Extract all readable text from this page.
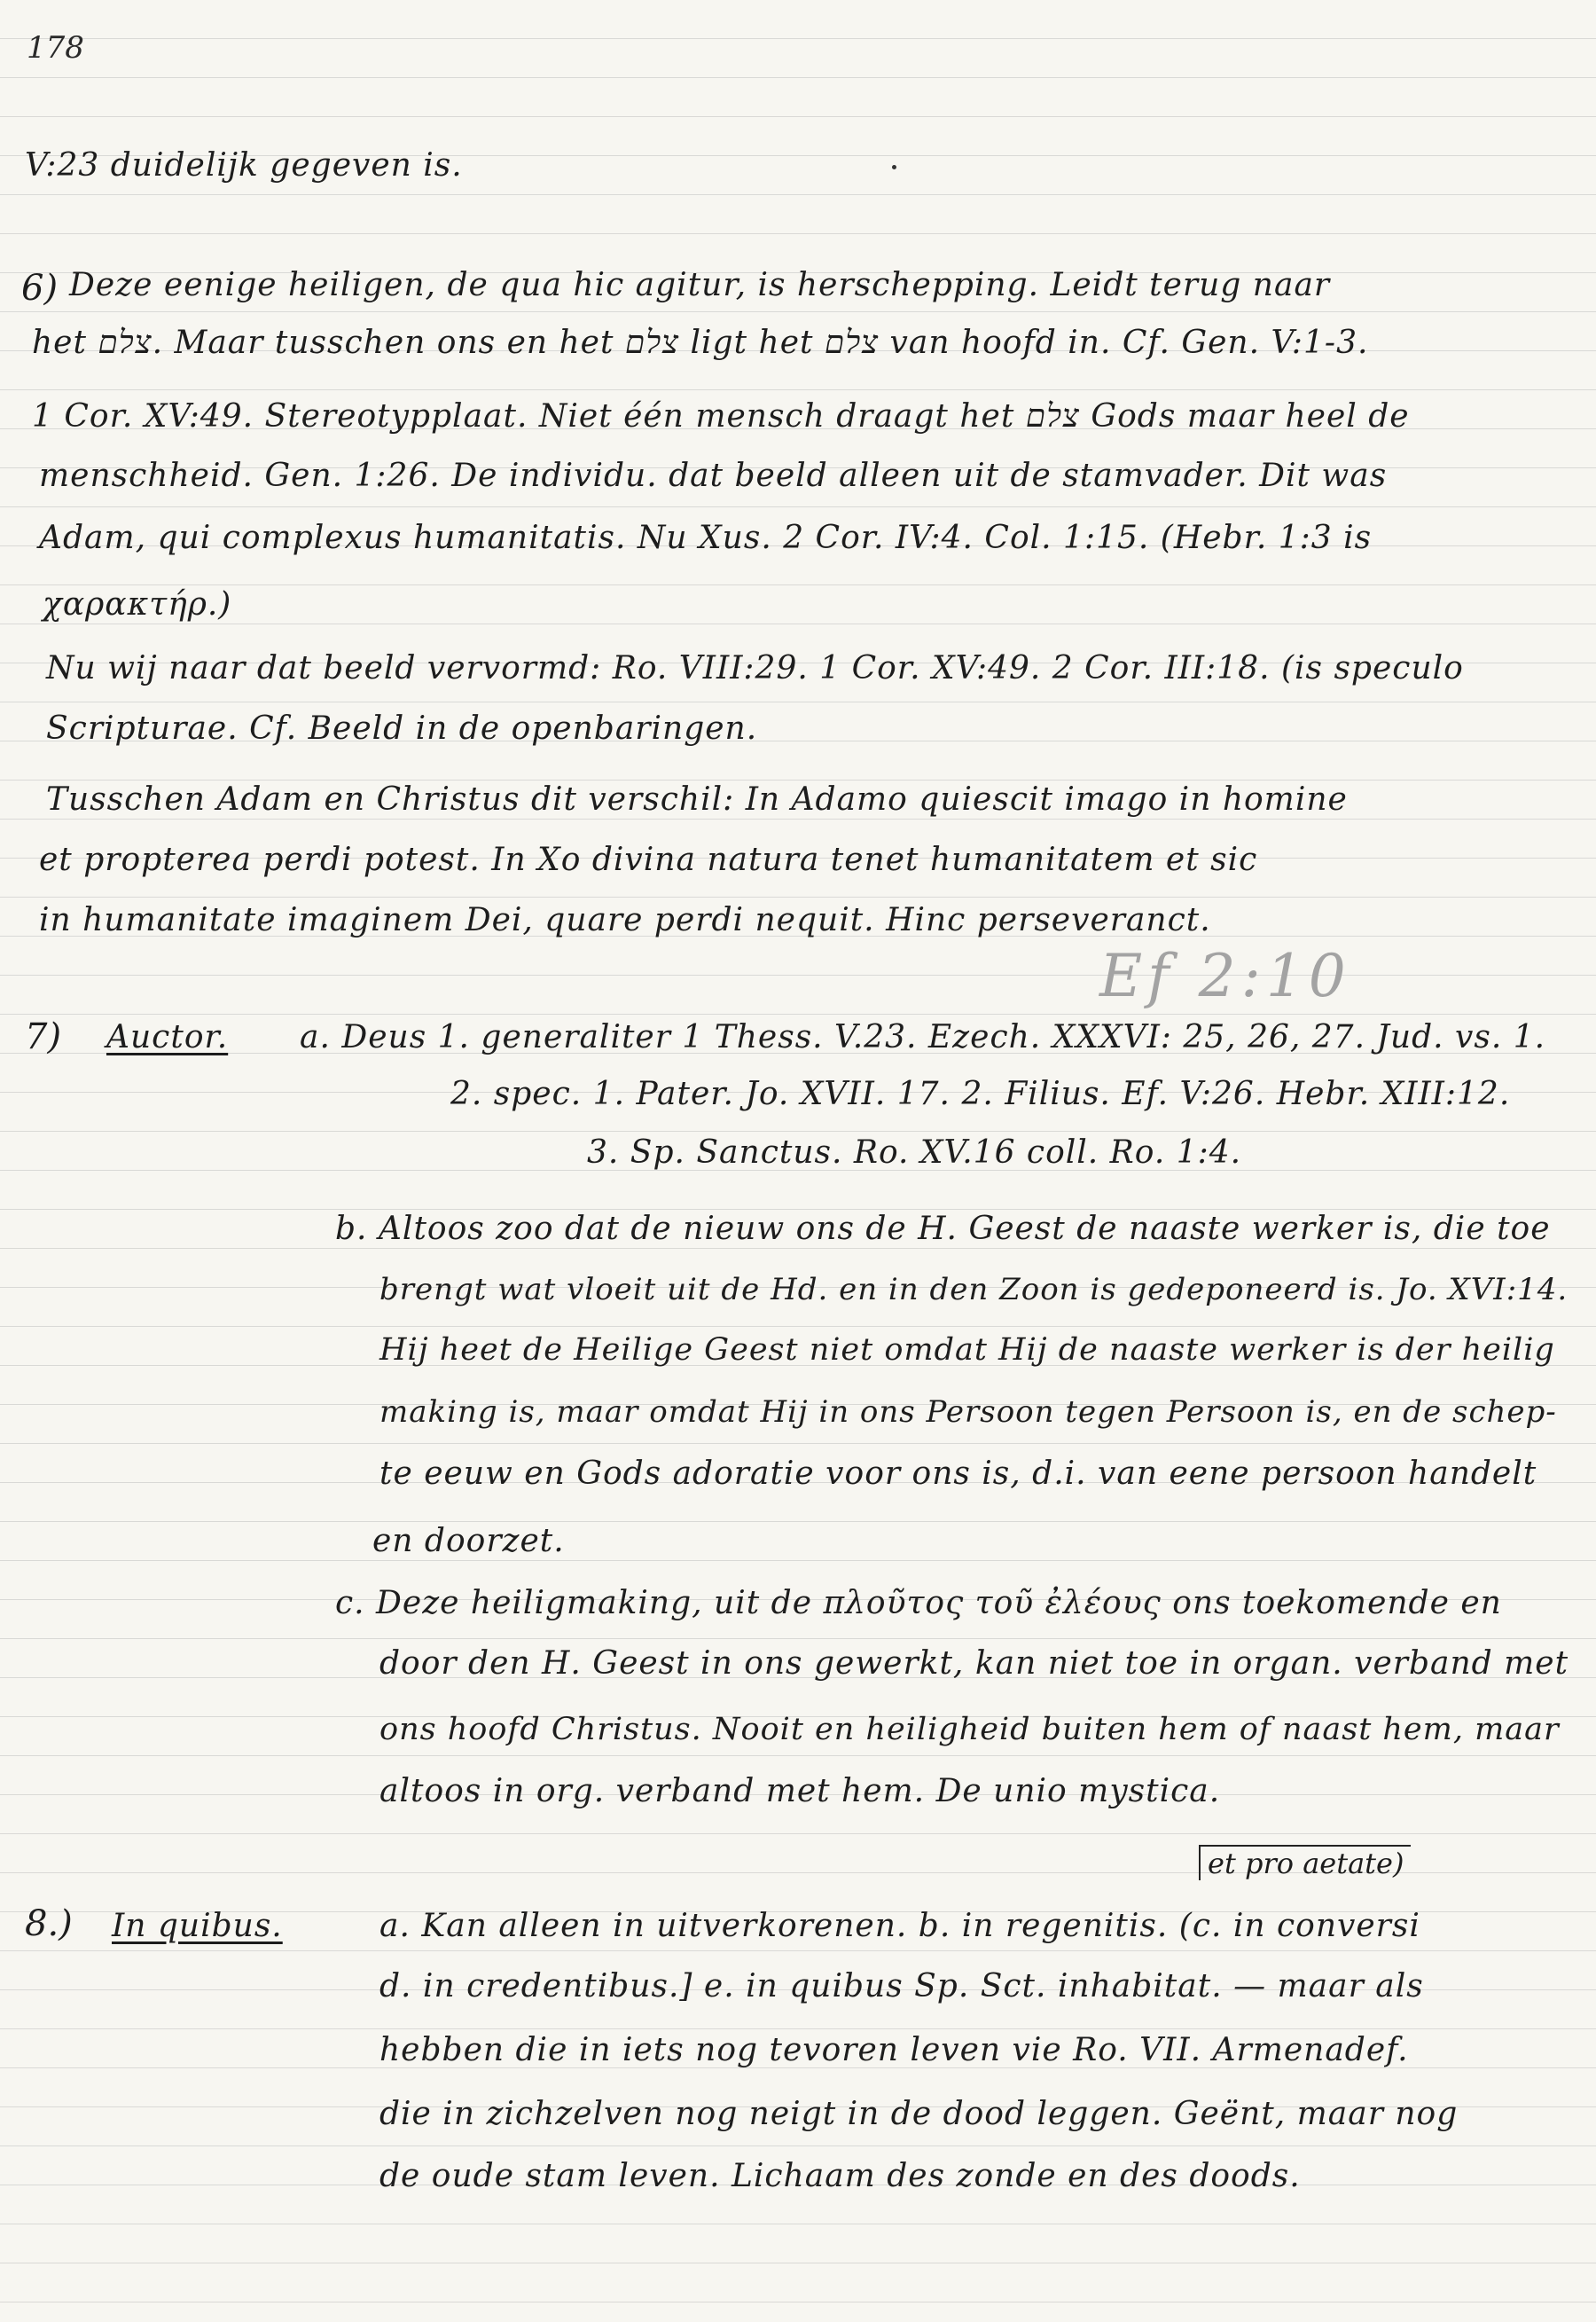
178
V:23 duidelijk gegeven is.
6) Deze eenige heiligen, de qua hic agitur, is herschepping. Leidt terug naar
het צלם. Maar tusschen ons en het צלם ligt het צלם van hoofd in. Cf. Gen. V:1-3.
1 Cor. XV:49. Stereotypplaat. Niet één mensch draagt het צלם Gods maar heel de
menschheid. Gen. 1:26. De individu. dat beeld alleen uit de stamvader. Dit was
Adam, qui complexus humanitatis. Nu Xus. 2 Cor. IV:4. Col. 1:15. (Hebr. 1:3 is
χαρακτήρ.)
Nu wij naar dat beeld vervormd: Ro. VIII:29. 1 Cor. XV:49. 2 Cor. III:18. (is speculo
Scripturae. Cf. Beeld in de openbaringen.
Tusschen Adam en Christus dit verschil: In Adamo quiescit imago in homine
et propterea perdi potest. In Xo divina natura tenet humanitatem et sic
in humanitate imaginem Dei, quare perdi nequit. Hinc perseveranct.
Ef 2:10
7) Auctor. a. Deus 1. generaliter 1 Thess. V.23. Ezech. XXXVI: 25, 26, 27. Jud. vs. 1.
2. spec. 1. Pater. Jo. XVII. 17. 2. Filius. Ef. V:26. Hebr. XIII:12.
3. Sp. Sanctus. Ro. XV.16 coll. Ro. 1:4.
b. Altoos zoo dat de nieuw ons de H. Geest de naaste werker is, die toe
brengt wat vloeit uit de Hd. en in den Zoon is gedeponeerd is. Jo. XVI:14.
Hij heet de Heilige Geest niet omdat Hij de naaste werker is der heilig
making is, maar omdat Hij in ons Persoon tegen Persoon is, en de schep-
te eeuw en Gods adoratie voor ons is, d.i. van eene persoon handelt
en doorzet.
c. Deze heiligmaking, uit de πλοῦτος τοῦ ἐλέους ons toekomende en
door den H. Geest in ons gewerkt, kan niet toe in organ. verband met
ons hoofd Christus. Nooit en heiligheid buiten hem of naast hem, maar
altoos in org. verband met hem. De unio mystica.
et pro aetate)
8.) In quibus.	a. Kan alleen in uitverkorenen. b. in regenitis. (c. in conversi
d. in credentibus.] e. in quibus Sp. Sct. inhabitat. — maar als
hebben die in iets nog tevoren leven vie Ro. VII. Armenadef.
die in zichzelven nog neigt in de dood leggen. Geënt, maar nog
de oude stam leven. Lichaam des zonde en des doods.
